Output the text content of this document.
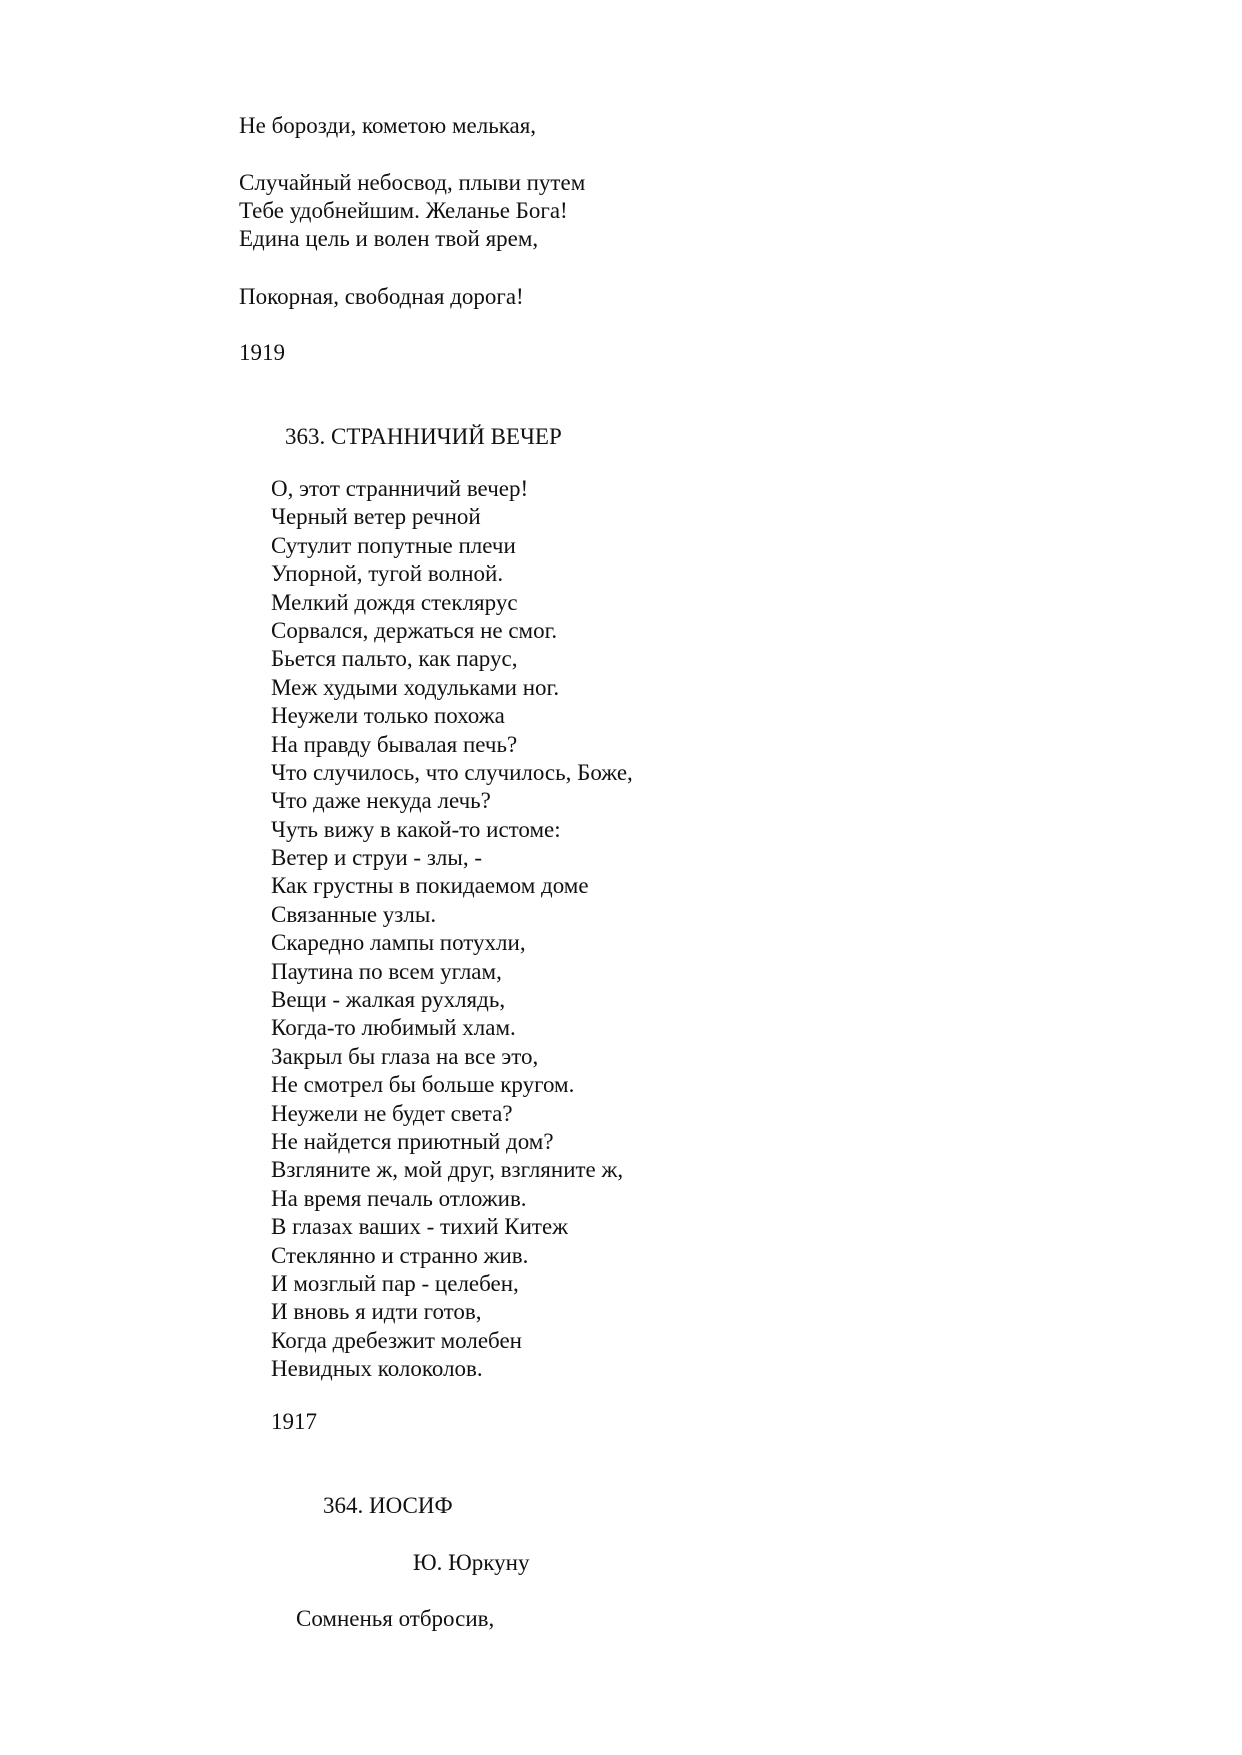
Не борозди, кометою мелькая,
Случайный небосвод, плыви путем
Тебе удобнейшим. Желанье Бога!
Едина цель и волен твой ярем,
Покорная, свободная дорога!
1919
363. СТРАННИЧИЙ ВЕЧЕР
О, этот странничий вечер!
Черный ветер речной
Сутулит попутные плечи
Упорной, тугой волной.
Мелкий дождя стеклярус
Сорвался, держаться не смог.
Бьется пальто, как парус,
Меж худыми ходульками ног.
Неужели только похожа
На правду бывалая печь?
Что случилось, что случилось, Боже,
Что даже некуда лечь?
Чуть вижу в какой-то истоме:
Ветер и струи - злы, -
Как грустны в покидаемом доме
Связанные узлы.
Скаредно лампы потухли,
Паутина по всем углам,
Вещи - жалкая рухлядь,
Когда-то любимый хлам.
Закрыл бы глаза на все это,
Не смотрел бы больше кругом.
Неужели не будет света?
Не найдется приютный дом?
Взгляните ж, мой друг, взгляните ж,
На время печаль отложив.
В глазах ваших - тихий Китеж
Стеклянно и странно жив.
И мозглый пар - целебен,
И вновь я идти готов,
Когда дребезжит молебен
Невидных колоколов.
1917
364. ИОСИФ
Ю. Юркуну
Сомненья отбросив,
